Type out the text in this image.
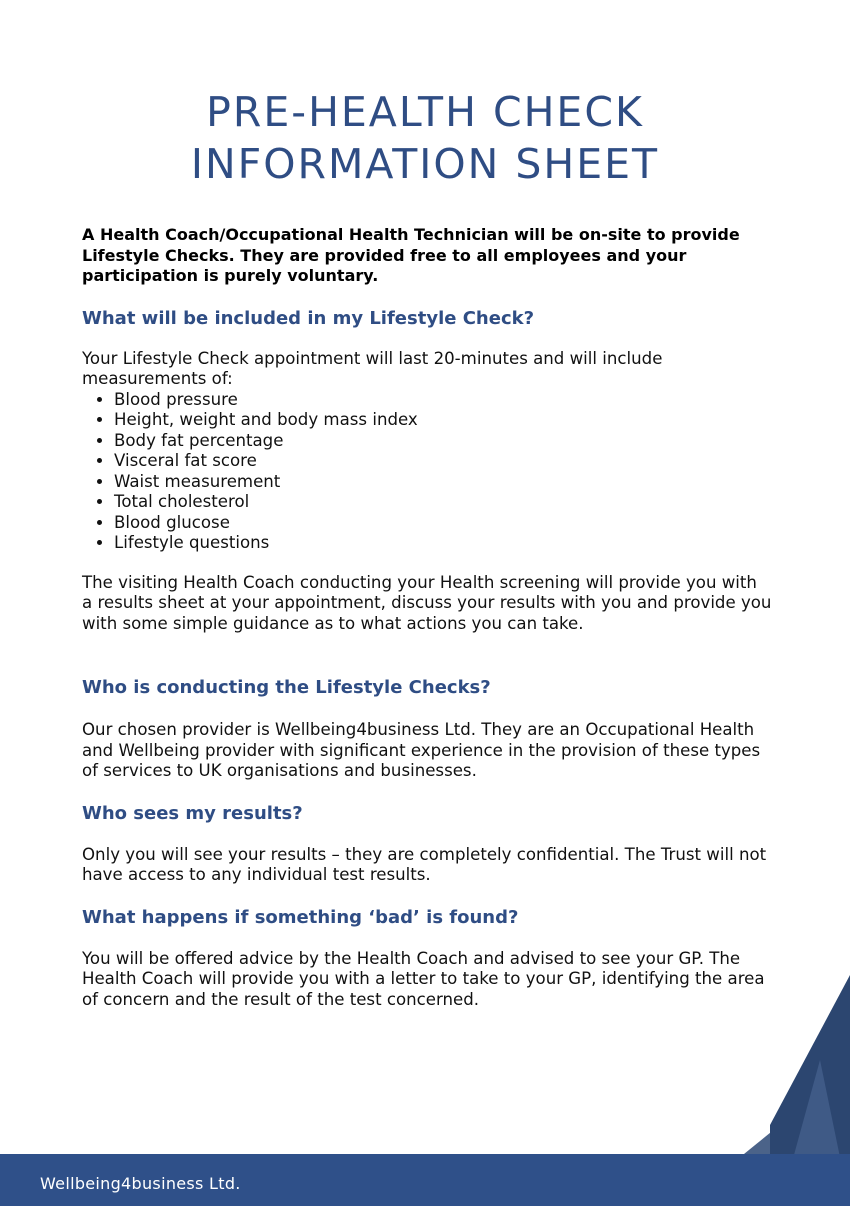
PRE-HEALTH CHECK
INFORMATION SHEET

A Health Coach/Occupational Health Technician will be on-site to provide Lifestyle Checks. They are provided free to all employees and your participation is purely voluntary.

What will be included in my Lifestyle Check?

Your Lifestyle Check appointment will last 20-minutes and will include measurements of:

• Blood pressure
• Height, weight and body mass index
• Body fat percentage
• Visceral fat score
• Waist measurement
• Total cholesterol
• Blood glucose
• Lifestyle questions

The visiting Health Coach conducting your Health screening will provide you with a results sheet at your appointment, discuss your results with you and provide you with some simple guidance as to what actions you can take.

Who is conducting the Lifestyle Checks?

Our chosen provider is Wellbeing4business Ltd. They are an Occupational Health and Wellbeing provider with significant experience in the provision of these types of services to UK organisations and businesses.

Who sees my results?

Only you will see your results – they are completely confidential. The Trust will not have access to any individual test results.

What happens if something ‘bad’ is found?

You will be offered advice by the Health Coach and advised to see your GP. The Health Coach will provide you with a letter to take to your GP, identifying the area of concern and the result of the test concerned.

Wellbeing4business Ltd.
